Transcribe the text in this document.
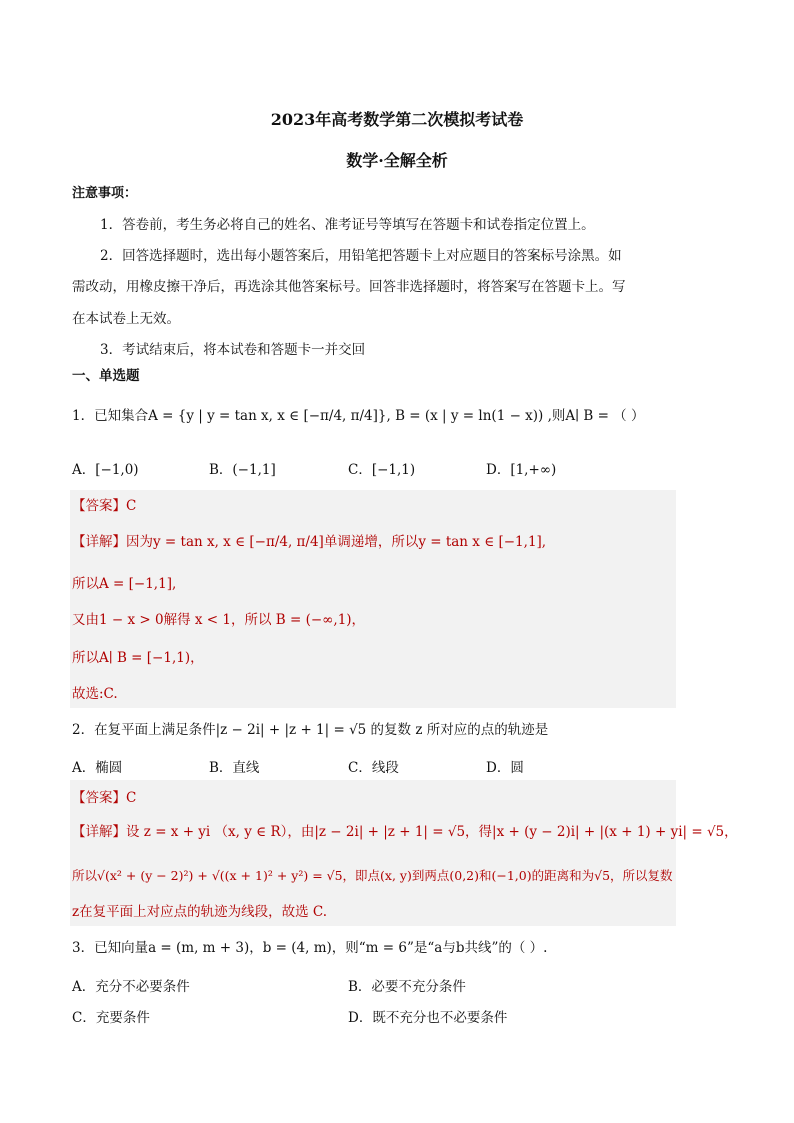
2023年高考数学第二次模拟考试卷
数学·全解全析
注意事项：
1．答卷前，考生务必将自己的姓名、准考证号等填写在答题卡和试卷指定位置上。
2．回答选择题时，选出每小题答案后，用铅笔把答题卡上对应题目的答案标号涂黑。如
需改动，用橡皮擦干净后，再选涂其他答案标号。回答非选择题时，将答案写在答题卡上。写
在本试卷上无效。
3．考试结束后，将本试卷和答题卡一并交回
一、单选题
1．已知集合A = {y | y = tan x, x ∈ [−π/4, π/4]}, B = (x | y = ln(1 − x)) ,则A∣ B = （ ）
A．[−1,0)	B．(−1,1]	C．[−1,1)	D．[1,+∞)
【答案】C
【详解】因为y = tan x, x ∈ [−π/4, π/4]单调递增，所以y = tan x ∈ [−1,1],
所以A = [−1,1],
又由1 − x > 0解得 x < 1，所以 B = (−∞,1)，
所以A∣ B = [−1,1)，
故选:C.
2．在复平面上满足条件|z − 2i| + |z + 1| = √5 的复数 z 所对应的点的轨迹是
A．椭圆	B．直线	C．线段	D．圆
【答案】C
【详解】设 z = x + yi （x, y ∈ R），由|z − 2i| + |z + 1| = √5，得|x + (y − 2)i| + |(x + 1) + yi| = √5，
所以√(x² + (y − 2)²) + √((x + 1)² + y²) = √5，即点(x, y)到两点(0,2)和(−1,0)的距离和为√5，所以复数
z在复平面上对应点的轨迹为线段，故选 C.
3．已知向量a = (m, m + 3)，b = (4, m)，则“m = 6”是“a与b共线”的（ ）.
A．充分不必要条件	B．必要不充分条件
C．充要条件	D．既不充分也不必要条件
